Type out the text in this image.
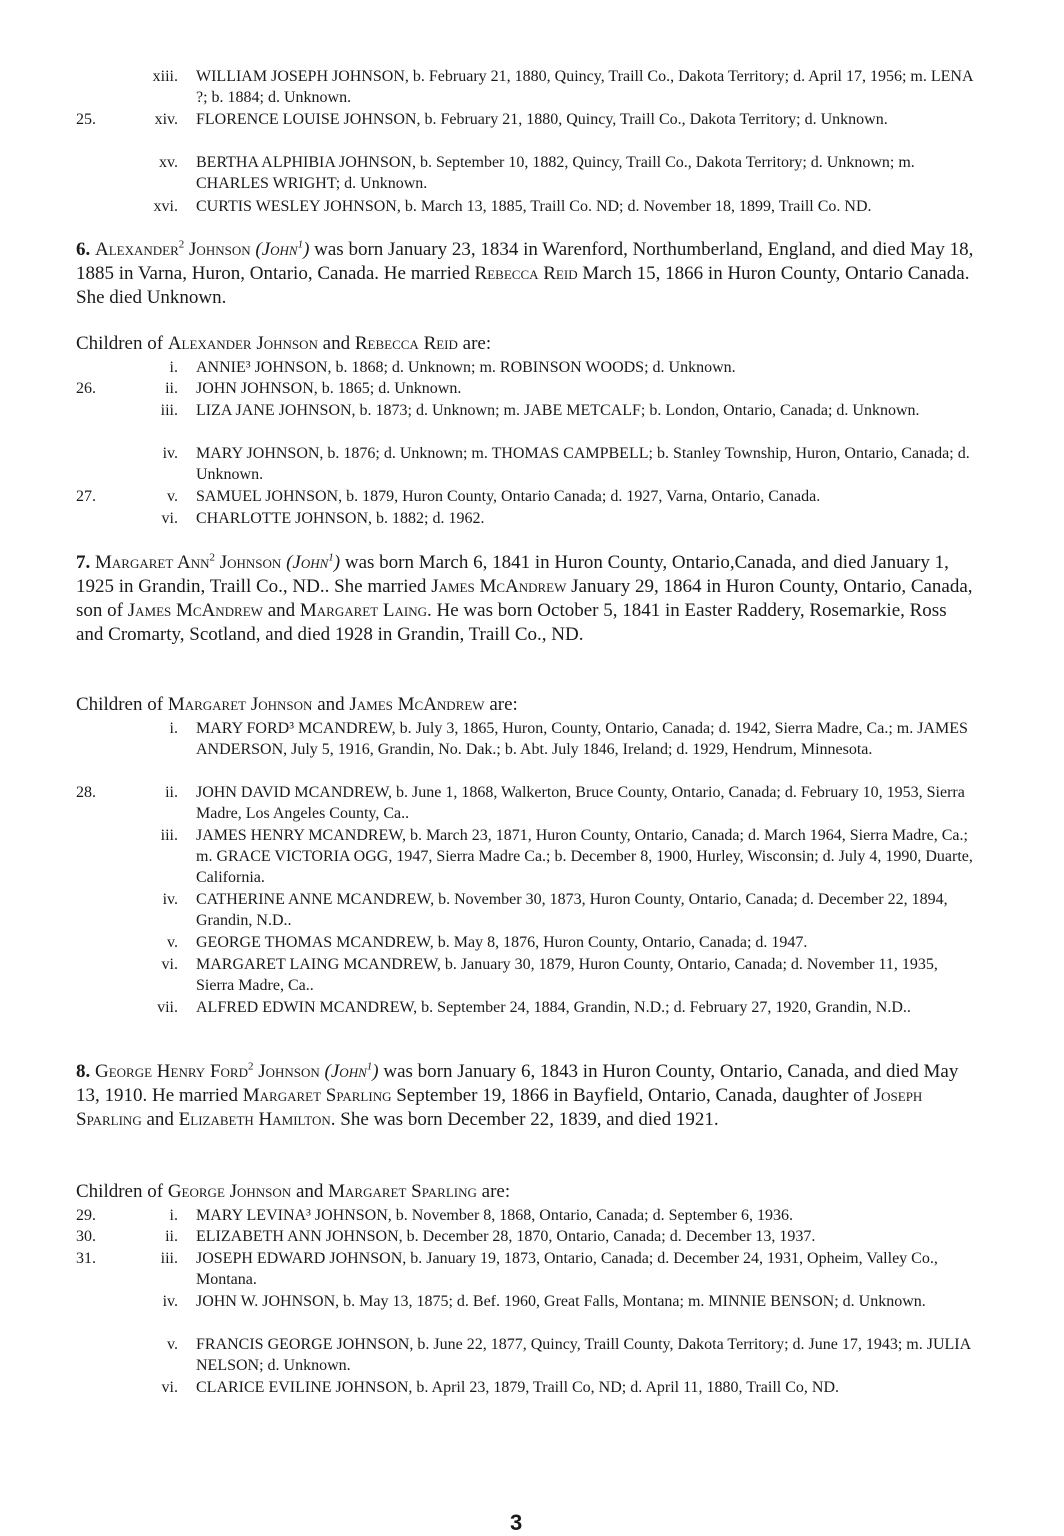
xiii. WILLIAM JOSEPH JOHNSON, b. February 21, 1880, Quincy, Traill Co., Dakota Territory; d. April 17, 1956; m. LENA ?; b. 1884; d. Unknown.
25.	xiv. FLORENCE LOUISE JOHNSON, b. February 21, 1880, Quincy, Traill Co., Dakota Territory; d. Unknown.
xv. BERTHA ALPHIBIA JOHNSON, b. September 10, 1882, Quincy, Traill Co., Dakota Territory; d. Unknown; m. CHARLES WRIGHT; d. Unknown.
xvi. CURTIS WESLEY JOHNSON, b. March 13, 1885, Traill Co. ND; d. November 18, 1899, Traill Co. ND.
6. Alexander$^2$ Johnson (John$^1$) was born January 23, 1834 in Warenford, Northumberland, England, and died May 18, 1885 in Varna, Huron, Ontario, Canada. He married Rebecca Reid March 15, 1866 in Huron County, Ontario Canada. She died Unknown.
Children of Alexander Johnson and Rebecca Reid are:
i. ANNIE³ JOHNSON, b. 1868; d. Unknown; m. ROBINSON WOODS; d. Unknown.
26.	ii. JOHN JOHNSON, b. 1865; d. Unknown.
iii. LIZA JANE JOHNSON, b. 1873; d. Unknown; m. JABE METCALF; b. London, Ontario, Canada; d. Unknown.
iv. MARY JOHNSON, b. 1876; d. Unknown; m. THOMAS CAMPBELL; b. Stanley Township, Huron, Ontario, Canada; d. Unknown.
27.	v. SAMUEL JOHNSON, b. 1879, Huron County, Ontario Canada; d. 1927, Varna, Ontario, Canada.
vi. CHARLOTTE JOHNSON, b. 1882; d. 1962.
7. Margaret Ann$^2$ Johnson (John$^1$) was born March 6, 1841 in Huron County, Ontario,Canada, and died January 1, 1925 in Grandin, Traill Co., ND.. She married James McAndrew January 29, 1864 in Huron County, Ontario, Canada, son of James McAndrew and Margaret Laing. He was born October 5, 1841 in Easter Raddery, Rosemarkie, Ross and Cromarty, Scotland, and died 1928 in Grandin, Traill Co., ND.
Children of Margaret Johnson and James McAndrew are:
i. MARY FORD³ MCANDREW, b. July 3, 1865, Huron, County, Ontario, Canada; d. 1942, Sierra Madre, Ca.; m. JAMES ANDERSON, July 5, 1916, Grandin, No. Dak.; b. Abt. July 1846, Ireland; d. 1929, Hendrum, Minnesota.
28.	ii. JOHN DAVID MCANDREW, b. June 1, 1868, Walkerton, Bruce County, Ontario, Canada; d. February 10, 1953, Sierra Madre, Los Angeles County, Ca..
iii. JAMES HENRY MCANDREW, b. March 23, 1871, Huron County, Ontario, Canada; d. March 1964, Sierra Madre, Ca.; m. GRACE VICTORIA OGG, 1947, Sierra Madre Ca.; b. December 8, 1900, Hurley, Wisconsin; d. July 4, 1990, Duarte, California.
iv. CATHERINE ANNE MCANDREW, b. November 30, 1873, Huron County, Ontario, Canada; d. December 22, 1894, Grandin, N.D..
v. GEORGE THOMAS MCANDREW, b. May 8, 1876, Huron County, Ontario, Canada; d. 1947.
vi. MARGARET LAING MCANDREW, b. January 30, 1879, Huron County, Ontario, Canada; d. November 11, 1935, Sierra Madre, Ca..
vii. ALFRED EDWIN MCANDREW, b. September 24, 1884, Grandin, N.D.; d. February 27, 1920, Grandin, N.D..
8. George Henry Ford$^2$ Johnson (John$^1$) was born January 6, 1843 in Huron County, Ontario, Canada, and died May 13, 1910. He married Margaret Sparling September 19, 1866 in Bayfield, Ontario, Canada, daughter of Joseph Sparling and Elizabeth Hamilton. She was born December 22, 1839, and died 1921.
Children of George Johnson and Margaret Sparling are:
29.	i. MARY LEVINA³ JOHNSON, b. November 8, 1868, Ontario, Canada; d. September 6, 1936.
30.	ii. ELIZABETH ANN JOHNSON, b. December 28, 1870, Ontario, Canada; d. December 13, 1937.
31.	iii. JOSEPH EDWARD JOHNSON, b. January 19, 1873, Ontario, Canada; d. December 24, 1931, Opheim, Valley Co., Montana.
iv. JOHN W. JOHNSON, b. May 13, 1875; d. Bef. 1960, Great Falls, Montana; m. MINNIE BENSON; d. Unknown.
v. FRANCIS GEORGE JOHNSON, b. June 22, 1877, Quincy, Traill County, Dakota Territory; d. June 17, 1943; m. JULIA NELSON; d. Unknown.
vi. CLARICE EVILINE JOHNSON, b. April 23, 1879, Traill Co, ND; d. April 11, 1880, Traill Co, ND.
3
